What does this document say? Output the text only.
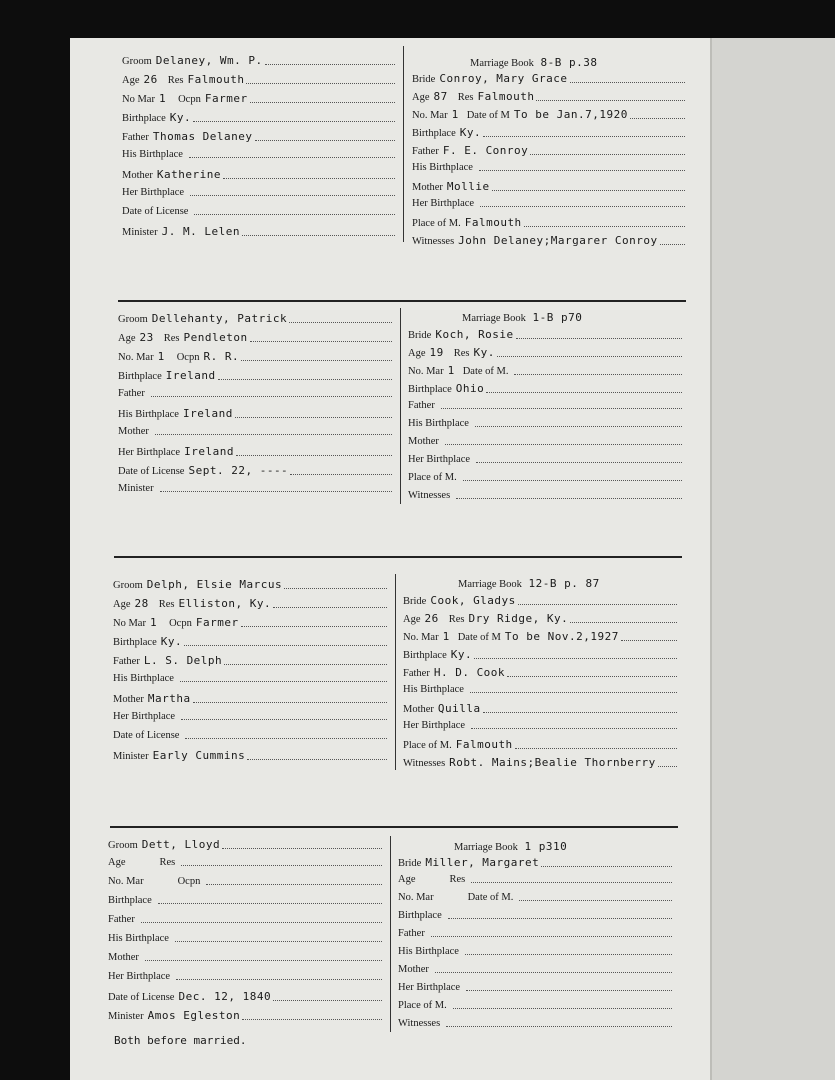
Groom Delaney, Wm. P.
Age 26 Res Falmouth
No Mar 1 Ocpn Farmer
Birthplace Ky.
Father Thomas Delaney
His Birthplace
Mother Katherine
Her Birthplace
Date of License
Minister J. M. Lelen
Marriage Book 8-B p.38
Bride Conroy, Mary Grace
Age 87 Res Falmouth
No. Mar 1 Date of M To be Jan.7,1920
Birthplace Ky.
Father F. E. Conroy
His Birthplace
Mother Mollie
Her Birthplace
Place of M. Falmouth
Witnesses John Delaney;Margarer Conroy
Groom Dellehanty, Patrick
Age 23 Res Pendleton
No. Mar 1 Ocpn R. R.
Birthplace Ireland
Father
His Birthplace Ireland
Mother
Her Birthplace Ireland
Date of License Sept. 22, ----
Minister
Marriage Book 1-B p70
Bride Koch, Rosie
Age 19 Res Ky.
No. Mar 1 Date of M.
Birthplace Ohio
Father
His Birthplace
Mother
Her Birthplace
Place of M.
Witnesses
Groom Delph, Elsie Marcus
Age 28 Res Elliston, Ky.
No Mar 1 Ocpn Farmer
Birthplace Ky.
Father L. S. Delph
His Birthplace
Mother Martha
Her Birthplace
Date of License
Minister Early Cummins
Marriage Book 12-B p. 87
Bride Cook, Gladys
Age 26 Res Dry Ridge, Ky.
No. Mar 1 Date of M To be Nov.2,1927
Birthplace Ky.
Father H. D. Cook
His Birthplace
Mother Quilla
Her Birthplace
Place of M. Falmouth
Witnesses Robt. Mains;Bealie Thornberry
Groom Dett, Lloyd
Age	Res
No. Mar	Ocpn
Birthplace
Father
His Birthplace
Mother
Her Birthplace
Date of License Dec. 12, 1840
Minister Amos Egleston
Both before married.
Marriage Book 1 p310
Bride Miller, Margaret
Age	Res
No. Mar	Date of M.
Birthplace
Father
His Birthplace
Mother
Her Birthplace
Place of M.
Witnesses
